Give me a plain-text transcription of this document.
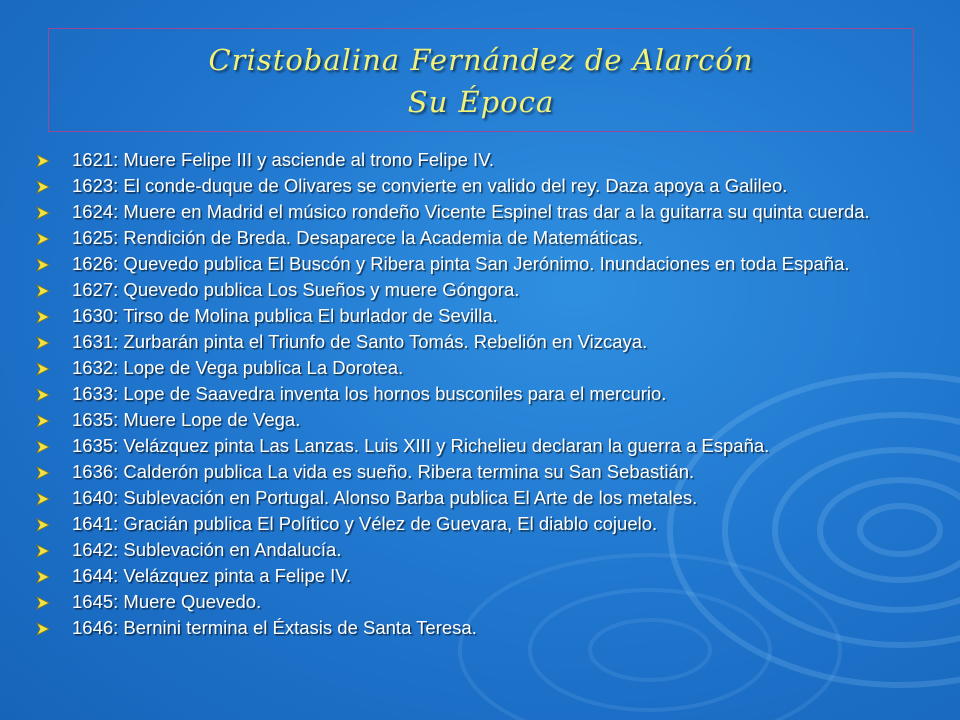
Cristobalina Fernández de Alarcón
Su Época
1621: Muere Felipe III y asciende al trono Felipe IV.
1623: El conde-duque de Olivares se convierte en valido del rey. Daza apoya a Galileo.
1624: Muere en Madrid el músico rondeño Vicente Espinel tras dar a la guitarra su quinta cuerda.
1625: Rendición de Breda. Desaparece la Academia de Matemáticas.
1626: Quevedo publica El Buscón y Ribera pinta San Jerónimo. Inundaciones en toda España.
1627: Quevedo publica Los Sueños y muere Góngora.
1630: Tirso de Molina publica El burlador de Sevilla.
1631: Zurbarán pinta el Triunfo de Santo Tomás. Rebelión en Vizcaya.
1632: Lope de Vega publica La Dorotea.
1633: Lope de Saavedra inventa los hornos busconiles para el mercurio.
1635: Muere Lope de Vega.
1635: Velázquez pinta Las Lanzas. Luis XIII y Richelieu declaran la guerra a España.
1636: Calderón publica La vida es sueño. Ribera termina su San Sebastián.
1640: Sublevación en Portugal. Alonso Barba publica El Arte de los metales.
1641: Gracián publica El Político y Vélez de Guevara, El diablo cojuelo.
1642: Sublevación en Andalucía.
1644: Velázquez pinta a Felipe IV.
1645: Muere Quevedo.
1646: Bernini termina el Éxtasis de Santa Teresa.
